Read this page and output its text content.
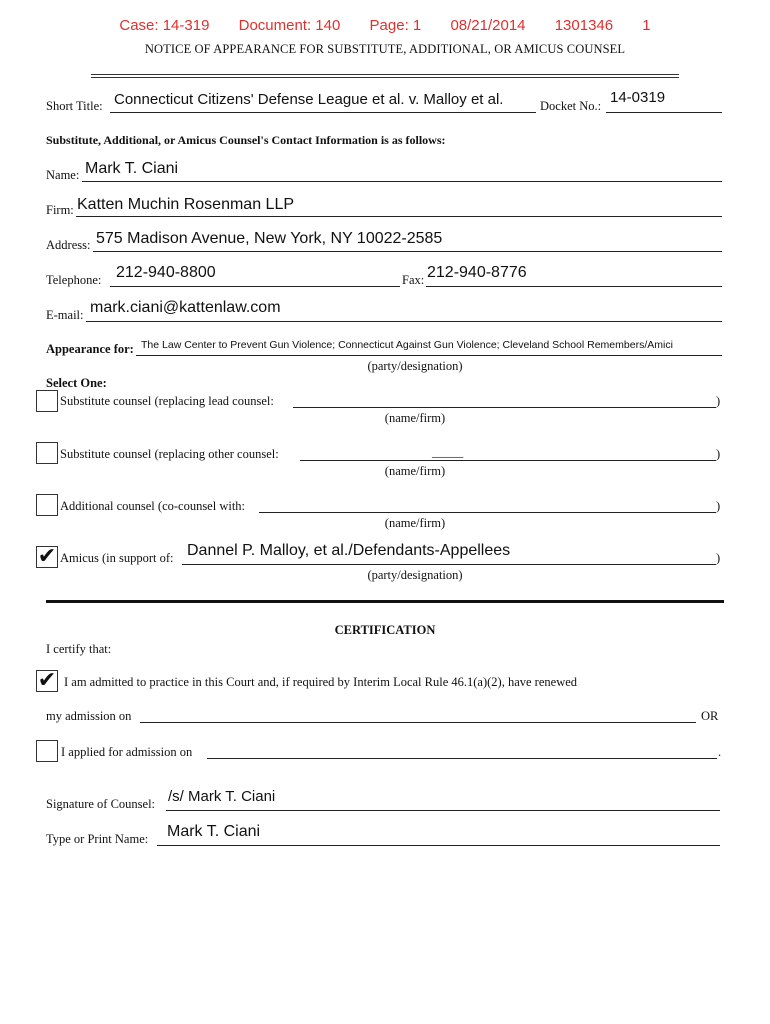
Case: 14-319 Document: 140 Page: 1 08/21/2014 1301346 1
NOTICE OF APPEARANCE FOR SUBSTITUTE, ADDITIONAL, OR AMICUS COUNSEL
Short Title: Connecticut Citizens' Defense League et al. v. Malloy et al.	Docket No.: 14-0319
Substitute, Additional, or Amicus Counsel's Contact Information is as follows:
Name: Mark T. Ciani
Firm: Katten Muchin Rosenman LLP
Address: 575 Madison Avenue, New York, NY 10022-2585
Telephone: 212-940-8800	Fax: 212-940-8776
E-mail: mark.ciani@kattenlaw.com
Appearance for: The Law Center to Prevent Gun Violence; Connecticut Against Gun Violence; Cleveland School Remembers/Amici
(party/designation)
Select One:
Substitute counsel (replacing lead counsel:	)
(name/firm)
Substitute counsel (replacing other counsel:	_____	)
(name/firm)
Additional counsel (co-counsel with:	)
(name/firm)
✔ Amicus (in support of: Dannel P. Malloy, et al./Defendants-Appellees	)
(party/designation)
CERTIFICATION
I certify that:
✔ I am admitted to practice in this Court and, if required by Interim Local Rule 46.1(a)(2), have renewed
my admission on	OR
I applied for admission on	.
Signature of Counsel: /s/ Mark T. Ciani
Type or Print Name: Mark T. Ciani
